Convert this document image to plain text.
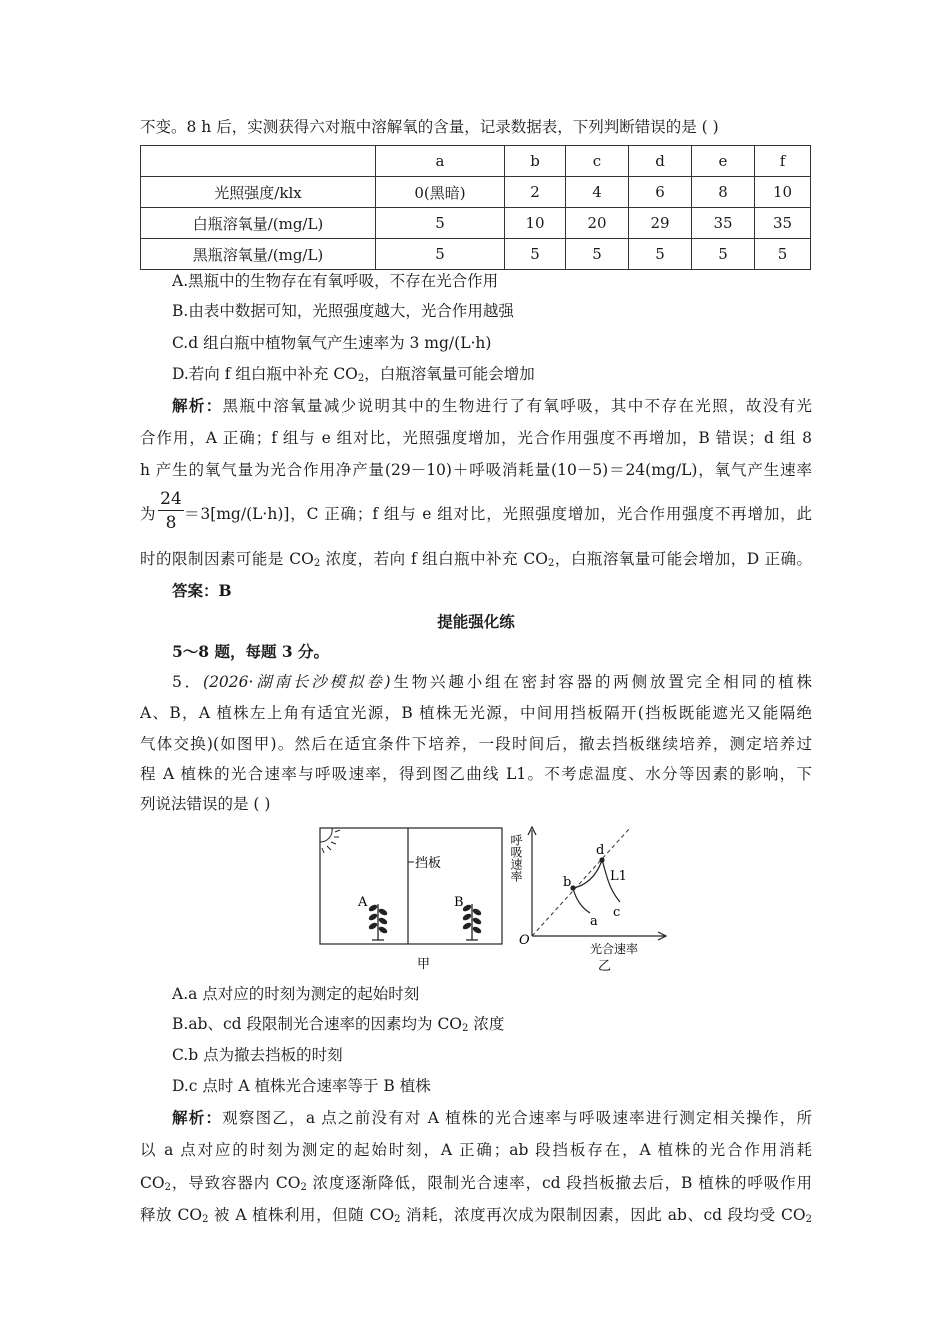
不变。8 h 后，实测获得六对瓶中溶解氧的含量，记录数据表，下列判断错误的是 ( )
	a	b	c	d	e	f
光照强度/klx	0(黑暗)	2	4	6	8	10
白瓶溶氧量/(mg/L)	5	10	20	29	35	35
黑瓶溶氧量/(mg/L)	5	5	5	5	5	5
A.黑瓶中的生物存在有氧呼吸，不存在光合作用
B.由表中数据可知，光照强度越大，光合作用越强
C.d 组白瓶中植物氧气产生速率为 3 mg/(L·h)
D.若向 f 组白瓶中补充 $CO_2$，白瓶溶氧量可能会增加
解析：黑瓶中溶氧量减少说明其中的生物进行了有氧呼吸，其中不存在光照，故没有光
合作用，A 正确；f 组与 e 组对比，光照强度增加，光合作用强度不再增加，B 错误；d 组 8
h 产生的氧气量为光合作用净产量(29－10)＋呼吸消耗量(10－5)＝24(mg/L)，氧气产生速率
为 $\frac{24}{8} =3[mg/(L\cdot h)]$，C 正确；f 组与 e 组对比，光照强度增加，光合作用强度不再增加，此
时的限制因素可能是 $CO_2$ 浓度，若向 f 组白瓶中补充 $CO_2$，白瓶溶氧量可能会增加，D 正确。
答案：B
提能强化练
5～8 题，每题 3 分。
5．(2026·湖南长沙模拟卷)生物兴趣小组在密封容器的两侧放置完全相同的植株
A、B，A 植株左上角有适宜光源，B 植株无光源，中间用挡板隔开(挡板既能遮光又能隔绝
气体交换)(如图甲)。然后在适宜条件下培养，一段时间后，撤去挡板继续培养，测定培养过
程 A 植株的光合速率与呼吸速率，得到图乙曲线 L1。不考虑温度、水分等因素的影响，下
列说法错误的是 ( )
挡板
A	B
甲
呼吸速率
光合速率
O
a
b
c
d
L1
乙
A.a 点对应的时刻为测定的起始时刻
B.ab、cd 段限制光合速率的因素均为 $CO_2$ 浓度
C.b 点为撤去挡板的时刻
D.c 点时 A 植株光合速率等于 B 植株
解析：观察图乙，a 点之前没有对 A 植株的光合速率与呼吸速率进行测定相关操作，所
以 a 点对应的时刻为测定的起始时刻，A 正确；ab 段挡板存在，A 植株的光合作用消耗
$CO_2$，导致容器内 $CO_2$ 浓度逐渐降低，限制光合速率，cd 段挡板撤去后，B 植株的呼吸作用
释放 $CO_2$ 被 A 植株利用，但随 $CO_2$ 消耗，浓度再次成为限制因素，因此 ab、cd 段均受 $CO_2$
